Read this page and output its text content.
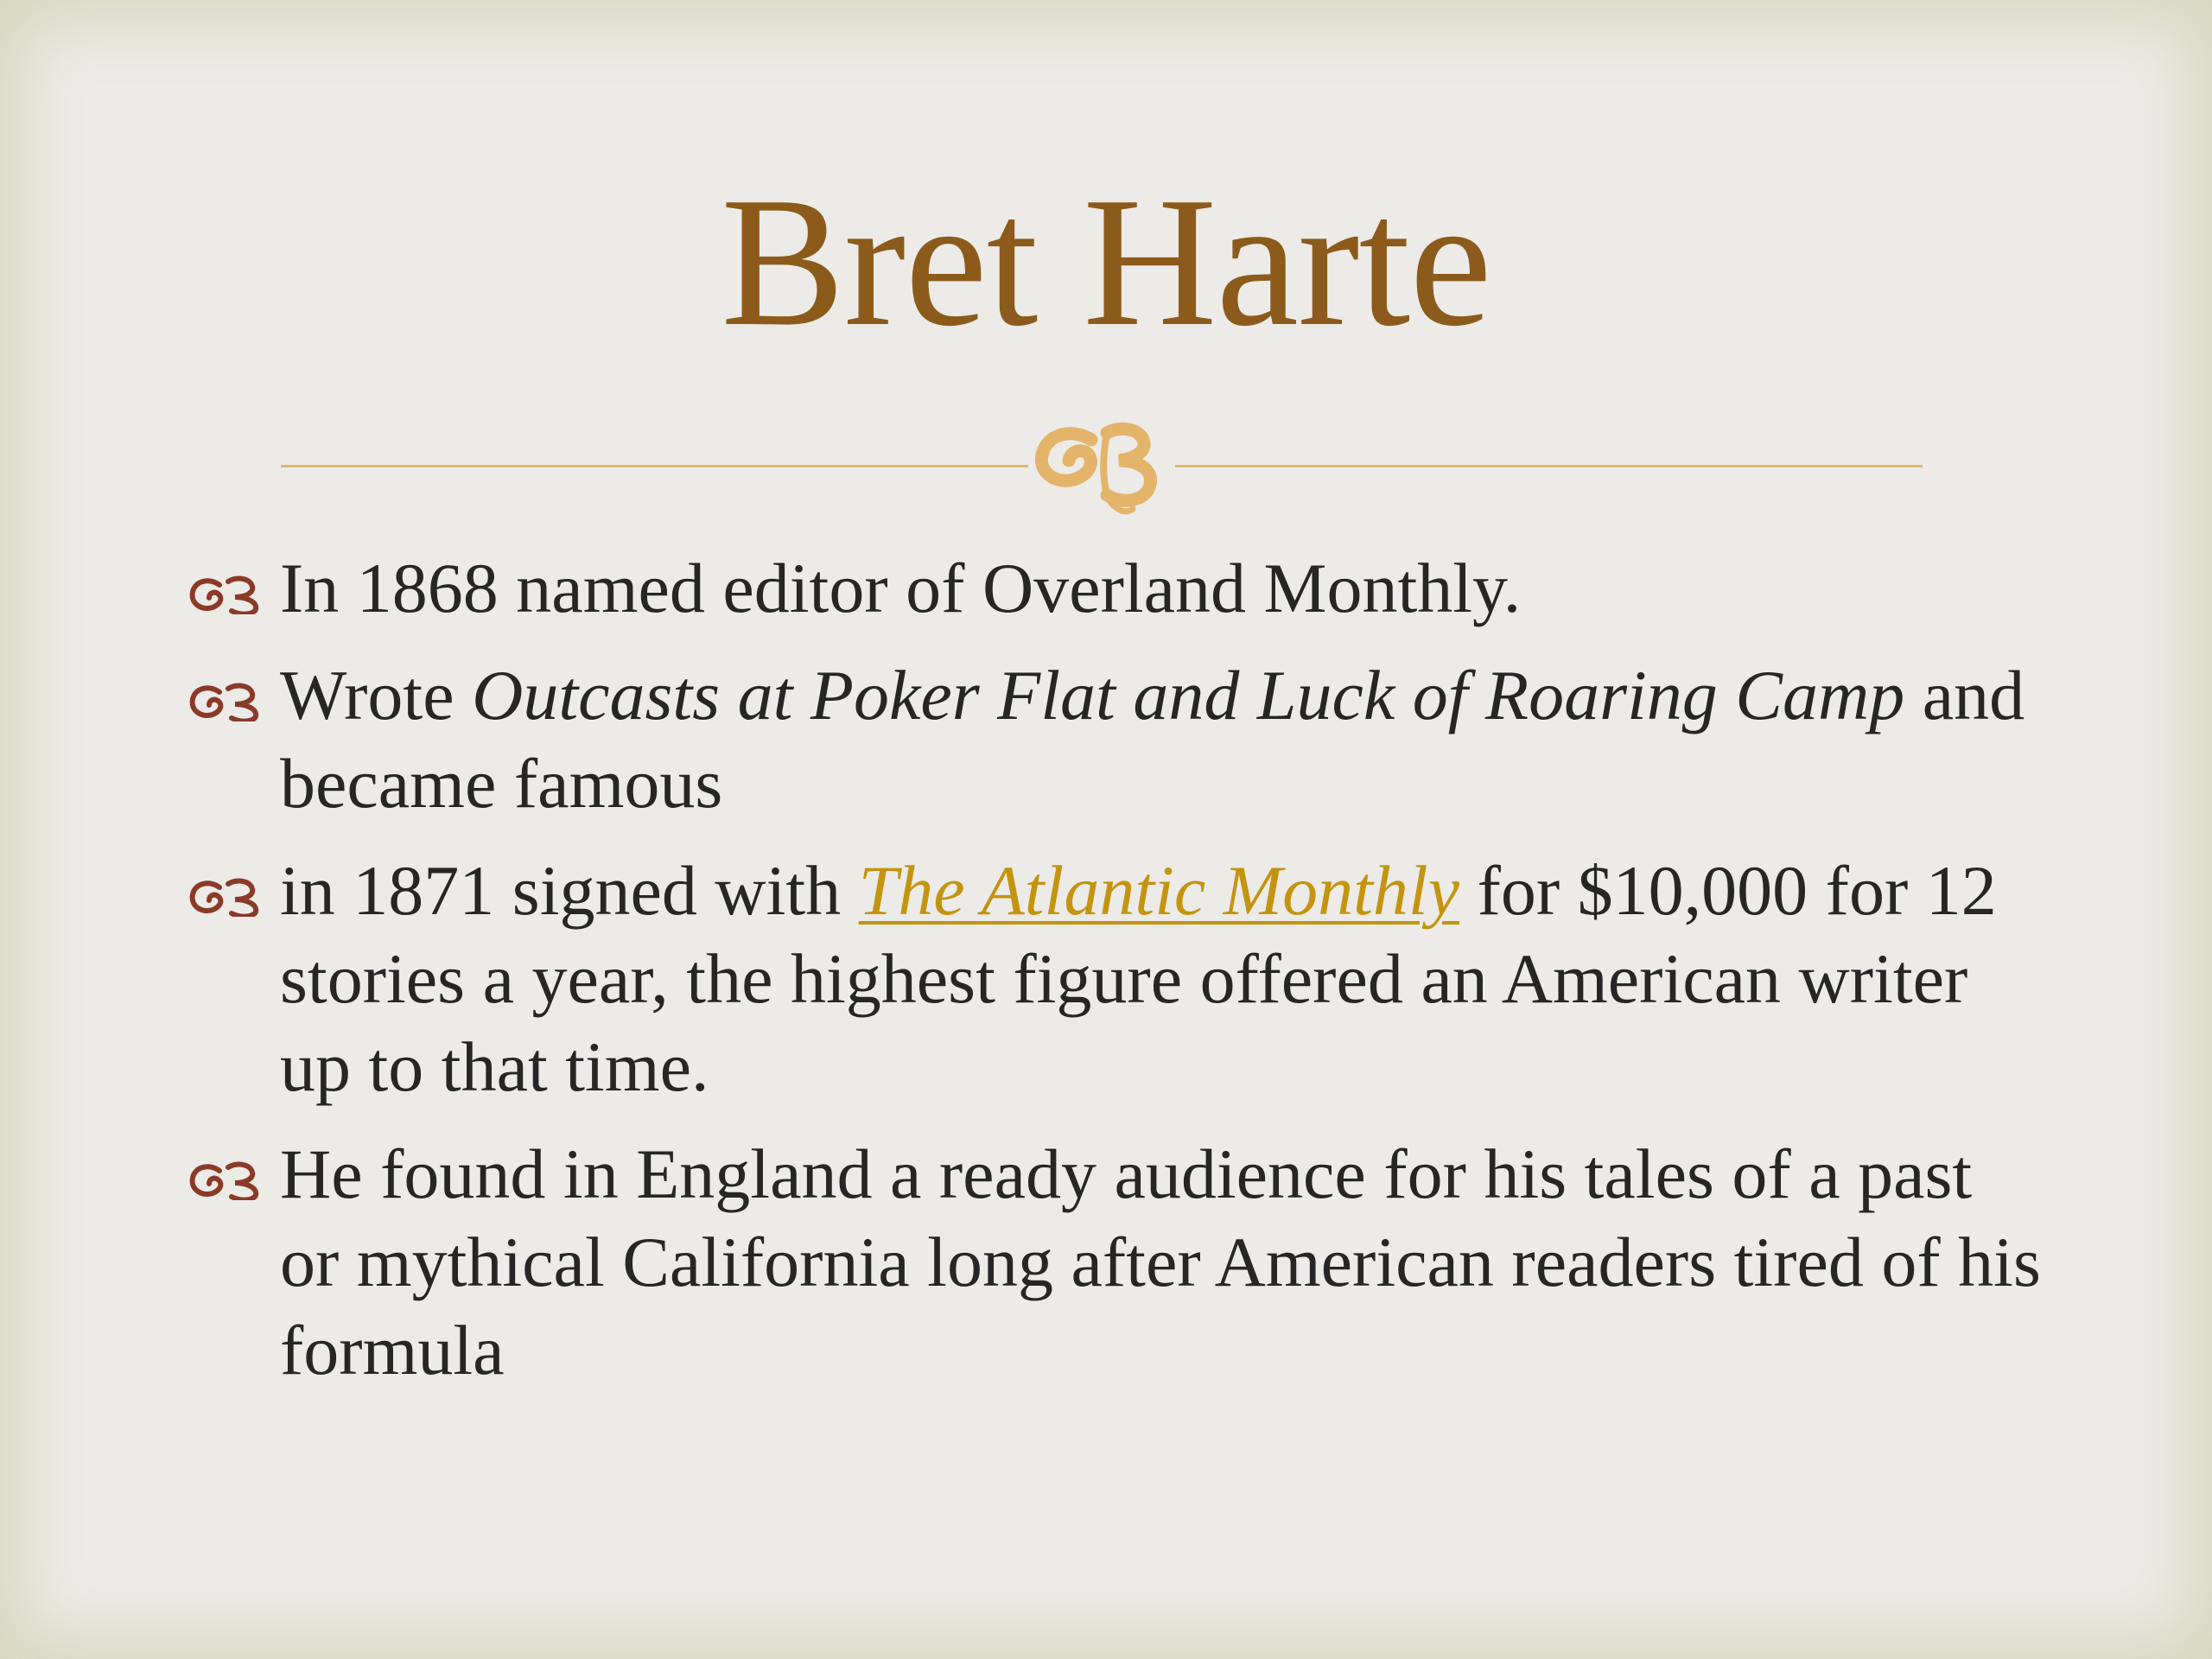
Bret Harte
In 1868 named editor of Overland Monthly.
Wrote Outcasts at Poker Flat and Luck of Roaring Camp and became famous
in 1871 signed with The Atlantic Monthly for $10,000 for 12 stories a year, the highest figure offered an American writer up to that time.
He found in England a ready audience for his tales of a past or mythical California long after American readers tired of his formula
